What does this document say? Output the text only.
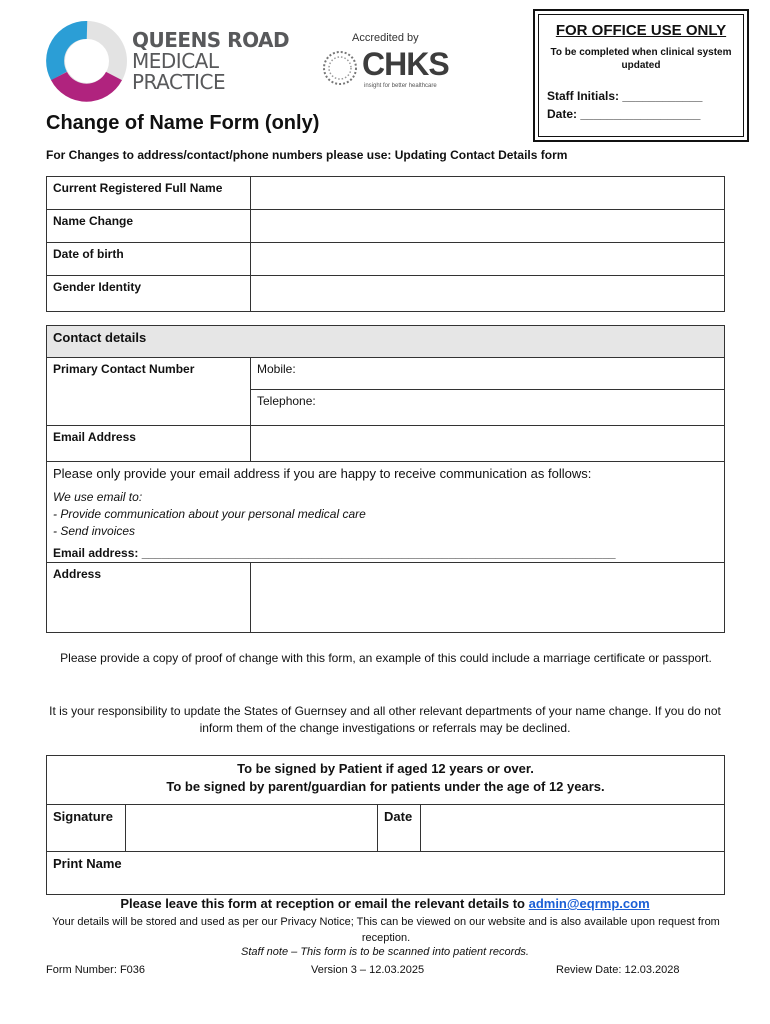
QUEENS ROAD
MEDICAL
PRACTICE
Accredited by
CHKS
insight for better healthcare
FOR OFFICE USE ONLY
To be completed when clinical system updated
Staff Initials: ____________
Date: __________________
Change of Name Form (only)
For Changes to address/contact/phone numbers please use: Updating Contact Details form
Current Registered Full Name	
Name Change	
Date of birth	
Gender Identity	
Contact details	
Primary Contact Number	Mobile:
	Telephone:
Email Address	

Please only provide your email address if you are happy to receive communication as follows:
We use email to:
- Provide communication about your personal medical care
- Send invoices
Email address: _______________________________________________________________________	

Address	
Please provide a copy of proof of change with this form, an example of this could include a marriage certificate or passport.
It is your responsibility to update the States of Guernsey and all other relevant departments of your name change. If you do not inform them of the change investigations or referrals may be declined.
To be signed by Patient if aged 12 years or over.
To be signed by parent/guardian for patients under the age of 12 years.

Signature		Date	
Print Name
Please leave this form at reception or email the relevant details to admin@eqrmp.com
Your details will be stored and used as per our Privacy Notice; This can be viewed on our website and is also available upon request from reception.
Staff note – This form is to be scanned into patient records.
Form Number: F036	Version 3 – 12.03.2025	Review Date: 12.03.2028
